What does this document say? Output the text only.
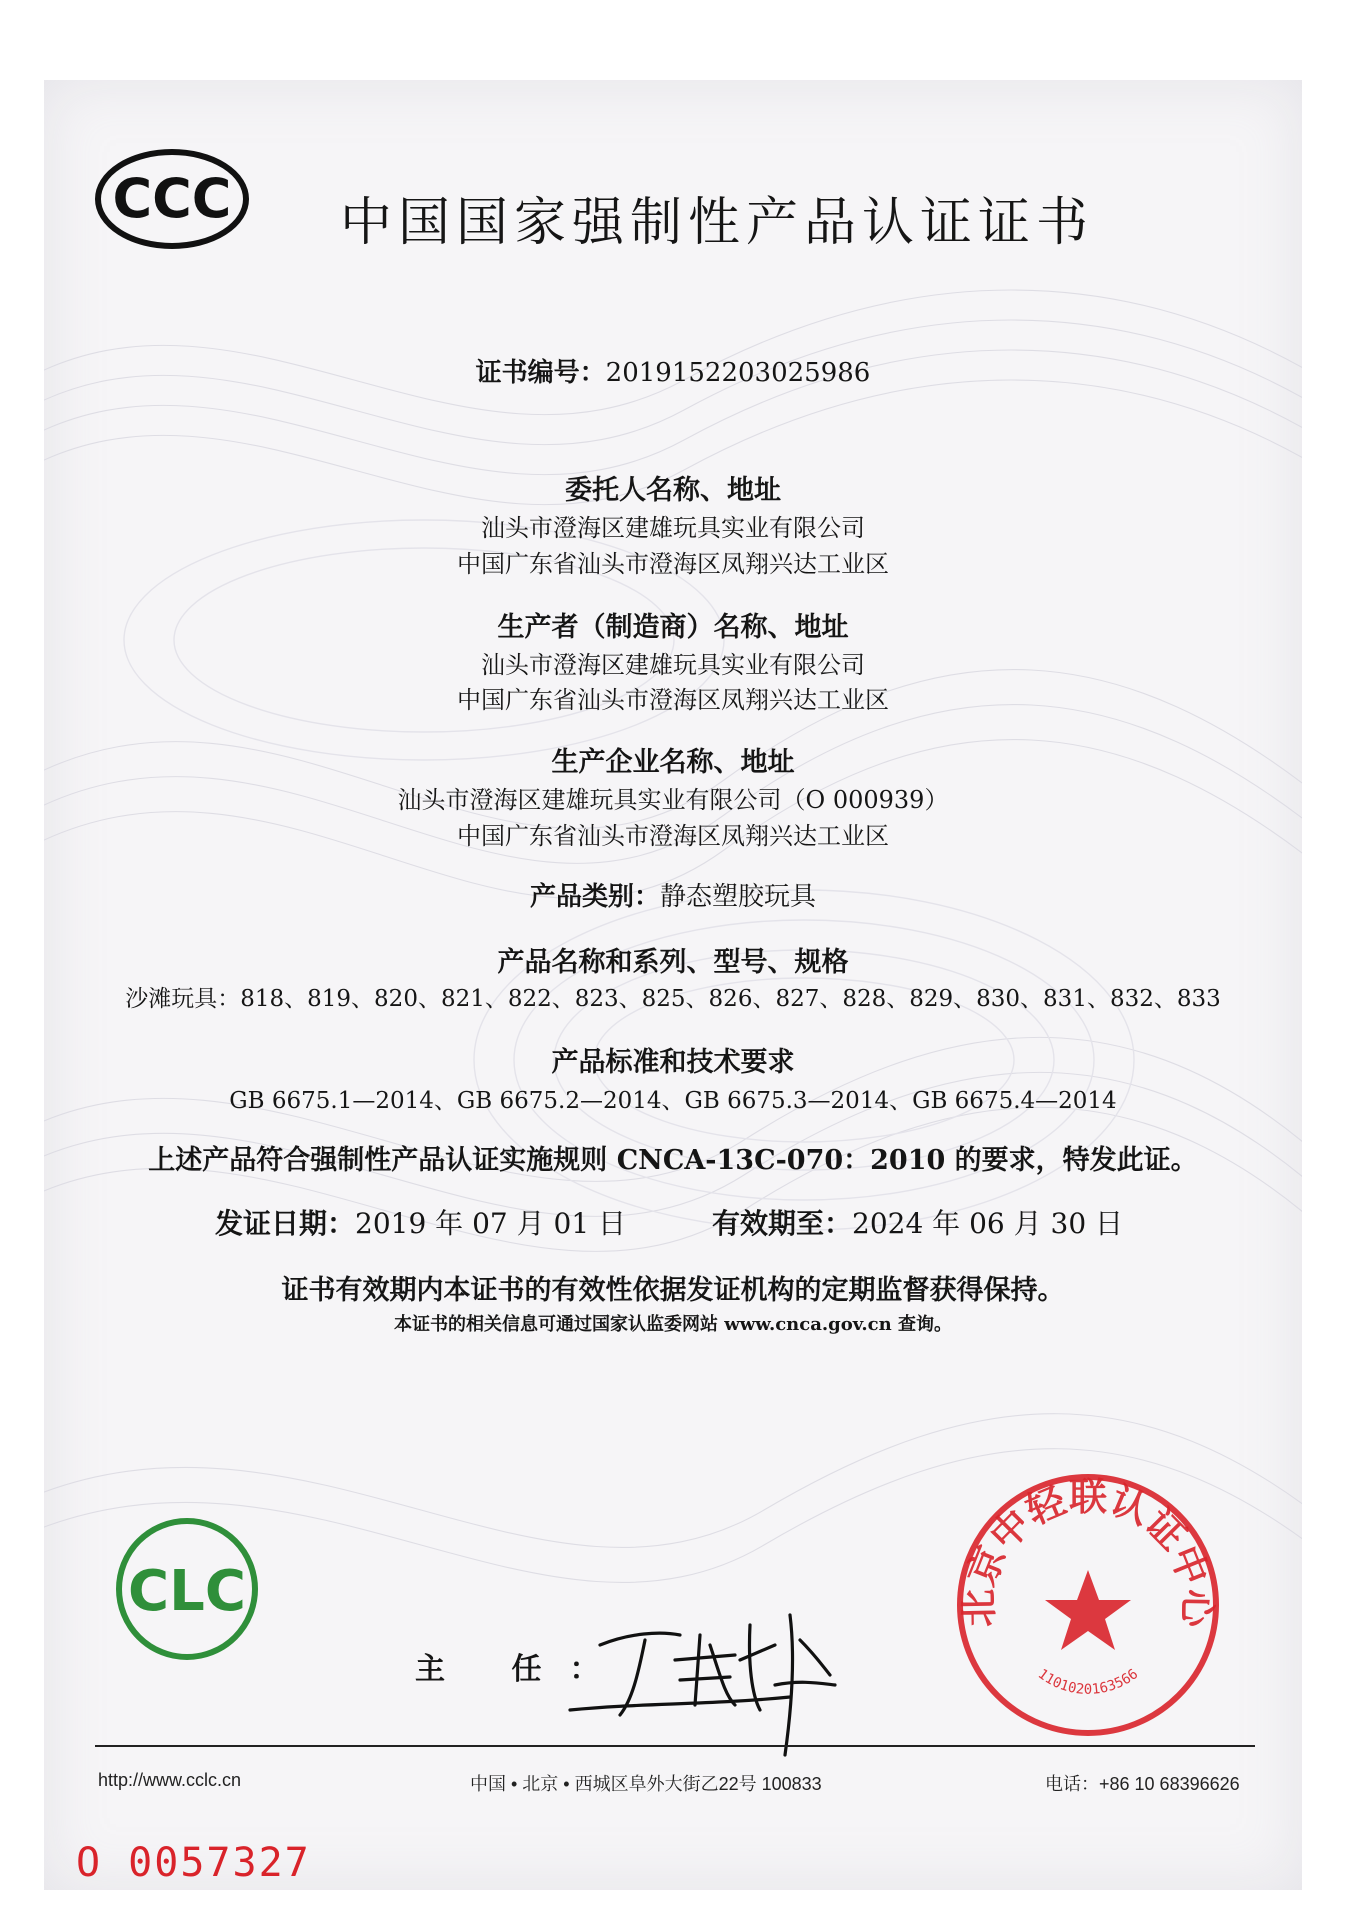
CCC 中国国家强制性产品认证证书
证书编号：2019152203025986
委托人名称、地址
汕头市澄海区建雄玩具实业有限公司
中国广东省汕头市澄海区凤翔兴达工业区
生产者（制造商）名称、地址
汕头市澄海区建雄玩具实业有限公司
中国广东省汕头市澄海区凤翔兴达工业区
生产企业名称、地址
汕头市澄海区建雄玩具实业有限公司（O 000939）
中国广东省汕头市澄海区凤翔兴达工业区
产品类别：静态塑胶玩具
产品名称和系列、型号、规格
沙滩玩具：818、819、820、821、822、823、825、826、827、828、829、830、831、832、833
产品标准和技术要求
GB 6675.1—2014、GB 6675.2—2014、GB 6675.3—2014、GB 6675.4—2014
上述产品符合强制性产品认证实施规则 CNCA-13C-070：2010 的要求，特发此证。
发证日期：2019 年 07 月 01 日	有效期至：2024 年 06 月 30 日
证书有效期内本证书的有效性依据发证机构的定期监督获得保持。
本证书的相关信息可通过国家认监委网站 www.cnca.gov.cn 查询。
CLC
主 任：
北京中轻联认证中心
1101020163566
http://www.cclc.cn	中国 • 北京 • 西城区阜外大街乙22号 100833	电话：+86 10 68396626
O 0057327
